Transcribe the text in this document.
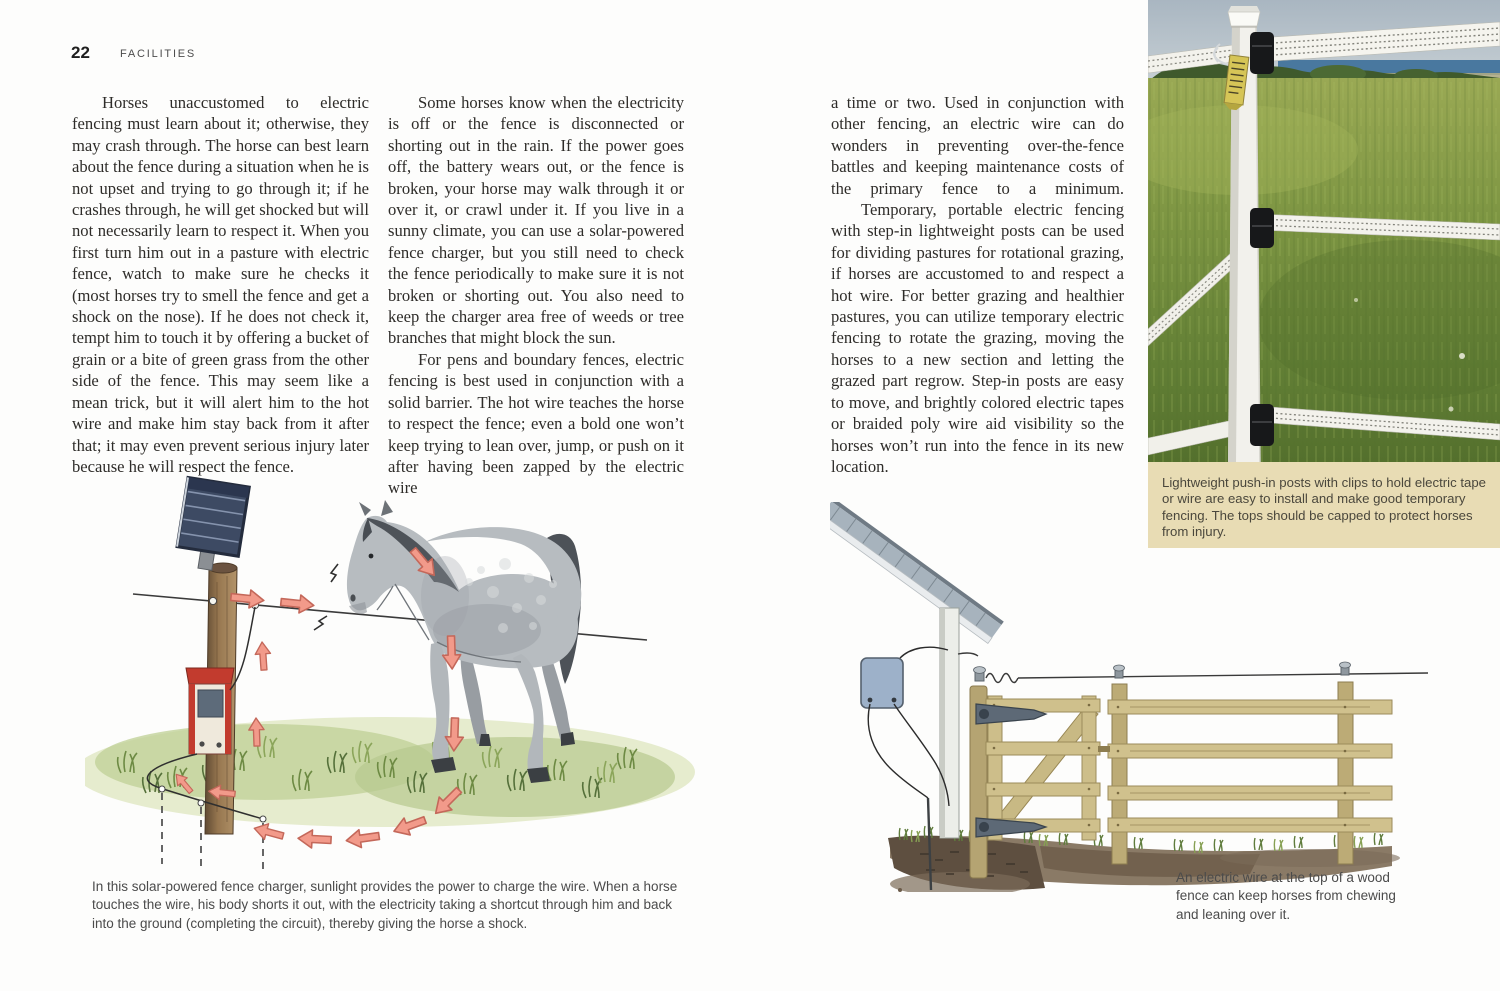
22	FACILITIES

Horses unaccustomed to electric fencing must learn about it; otherwise, they may crash through. The horse can best learn about the fence during a situation when he is not upset and trying to go through it; if he crashes through, he will get shocked but will not necessarily learn to respect it. When you first turn him out in a pasture with electric fence, watch to make sure he checks it (most horses try to smell the fence and get a shock on the nose). If he does not check it, tempt him to touch it by offering a bucket of grain or a bite of green grass from the other side of the fence. This may seem like a mean trick, but it will alert him to the hot wire and make him stay back from it after that; it may even prevent serious injury later because he will respect the fence.

Some horses know when the electricity is off or the fence is disconnected or shorting out in the rain. If the power goes off, the battery wears out, or the fence is broken, your horse may walk through it or over it, or crawl under it. If you live in a sunny climate, you can use a solar-powered fence charger, but you still need to check the fence periodically to make sure it is not broken or shorting out. You also need to keep the charger area free of weeds or tree branches that might block the sun.

For pens and boundary fences, electric fencing is best used in conjunction with a solid barrier. The hot wire teaches the horse to respect the fence; even a bold one won’t keep trying to lean over, jump, or push on it after having been zapped by the electric wire

a time or two. Used in conjunction with other fencing, an electric wire can do wonders in preventing over-the-fence battles and keeping maintenance costs of the primary fence to a minimum.

Temporary, portable electric fencing with step-in lightweight posts can be used for dividing pastures for rotational grazing, if horses are accustomed to and respect a hot wire. For better grazing and healthier pastures, you can utilize temporary electric fencing to rotate the grazing, moving the horses to a new section and letting the grazed part regrow. Step-in posts are easy to move, and brightly colored electric tapes or braided poly wire aid visibility so the horses won’t run into the fence in its new location.

Lightweight push-in posts with clips to hold electric tape or wire are easy to install and make good temporary fencing. The tops should be capped to protect horses from injury.
In this solar-powered fence charger, sunlight provides the power to charge the wire. When a horse touches the wire, his body shorts it out, with the electricity taking a shortcut through him and back into the ground (completing the circuit), thereby giving the horse a shock.
An electric wire at the top of a wood fence can keep horses from chewing and leaning over it.
